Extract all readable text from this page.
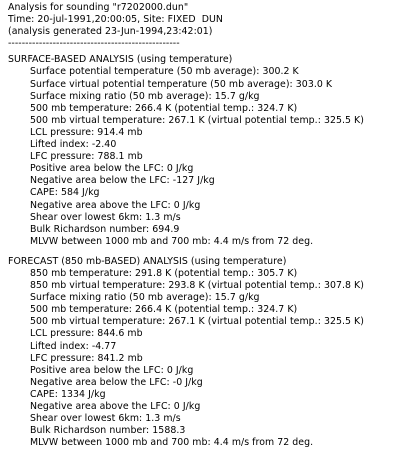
Analysis for sounding "r7202000.dun"
Time: 20-jul-1991,20:00:05, Site: FIXED  DUN
(analysis generated 23-Jun-1994,23:42:01)
--------------------------------------------------
SURFACE-BASED ANALYSIS (using temperature)
Surface potential temperature (50 mb average): 300.2 K
Surface virtual potential temperature (50 mb average): 303.0 K
Surface mixing ratio (50 mb average): 15.7 g/kg
500 mb temperature: 266.4 K (potential temp.: 324.7 K)
500 mb virtual temperature: 267.1 K (virtual potential temp.: 325.5 K)
LCL pressure: 914.4 mb
Lifted index: -2.40
LFC pressure: 788.1 mb
Positive area below the LFC: 0 J/kg
Negative area below the LFC: -127 J/kg
CAPE: 584 J/kg
Negative area above the LFC: 0 J/kg
Shear over lowest 6km: 1.3 m/s
Bulk Richardson number: 694.9
MLVW between 1000 mb and 700 mb: 4.4 m/s from 72 deg.
FORECAST (850 mb-BASED) ANALYSIS (using temperature)
850 mb temperature: 291.8 K (potential temp.: 305.7 K)
850 mb virtual temperature: 293.8 K (virtual potential temp.: 307.8 K)
Surface mixing ratio (50 mb average): 15.7 g/kg
500 mb temperature: 266.4 K (potential temp.: 324.7 K)
500 mb virtual temperature: 267.1 K (virtual potential temp.: 325.5 K)
LCL pressure: 844.6 mb
Lifted index: -4.77
LFC pressure: 841.2 mb
Positive area below the LFC: 0 J/kg
Negative area below the LFC: -0 J/kg
CAPE: 1334 J/kg
Negative area above the LFC: 0 J/kg
Shear over lowest 6km: 1.3 m/s
Bulk Richardson number: 1588.3
MLVW between 1000 mb and 700 mb: 4.4 m/s from 72 deg.
